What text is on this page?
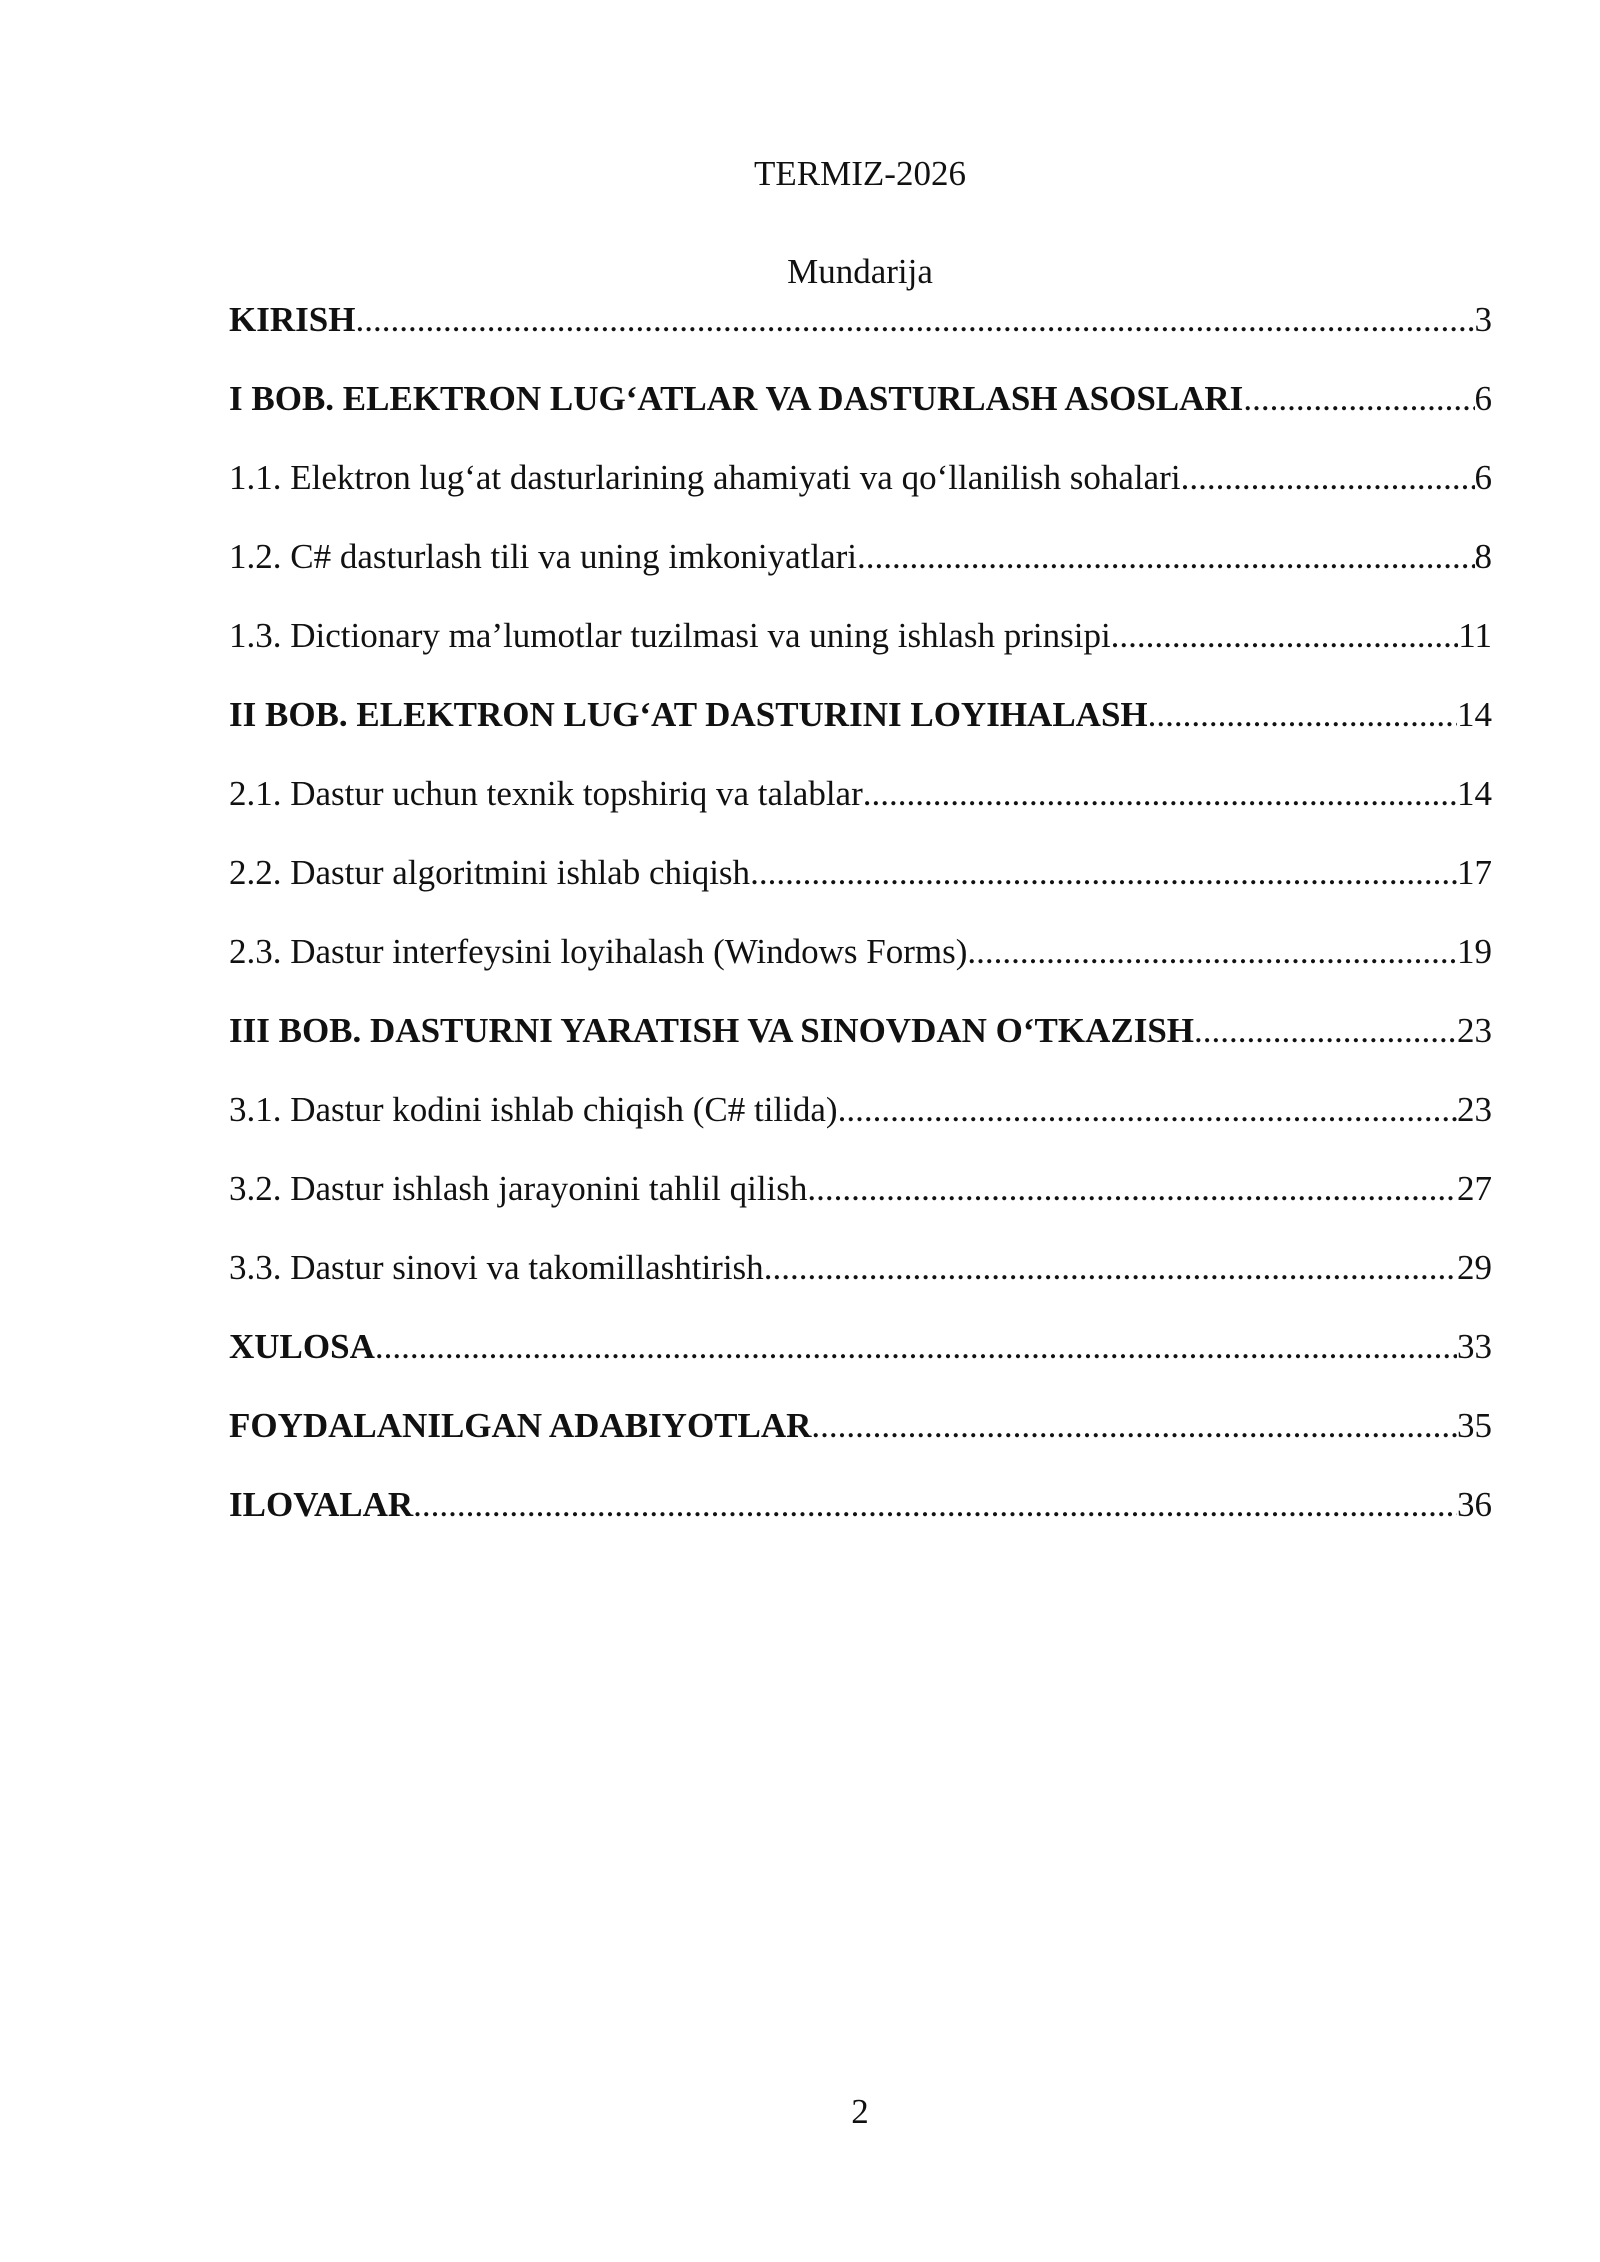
TERMIZ-2026
Mundarija
KIRISH .....	3
I BOB. ELEKTRON LUG‘ATLAR VA DASTURLASH ASOSLARI .....	6
1.1. Elektron lug‘at dasturlarining ahamiyati va qo‘llanilish sohalari .....	6
1.2. C# dasturlash tili va uning imkoniyatlari .....	8
1.3. Dictionary ma’lumotlar tuzilmasi va uning ishlash prinsipi .....	11
II BOB. ELEKTRON LUG‘AT DASTURINI LOYIHALASH .....	14
2.1. Dastur uchun texnik topshiriq va talablar .....	14
2.2. Dastur algoritmini ishlab chiqish .....	17
2.3. Dastur interfeysini loyihalash (Windows Forms) .....	19
III BOB. DASTURNI YARATISH VA SINOVDAN O‘TKAZISH .....	23
3.1. Dastur kodini ishlab chiqish (C# tilida) .....	23
3.2. Dastur ishlash jarayonini tahlil qilish .....	27
3.3. Dastur sinovi va takomillashtirish .....	29
XULOSA .....	33
FOYDALANILGAN ADABIYOTLAR .....	35
ILOVALAR .....	36
2
